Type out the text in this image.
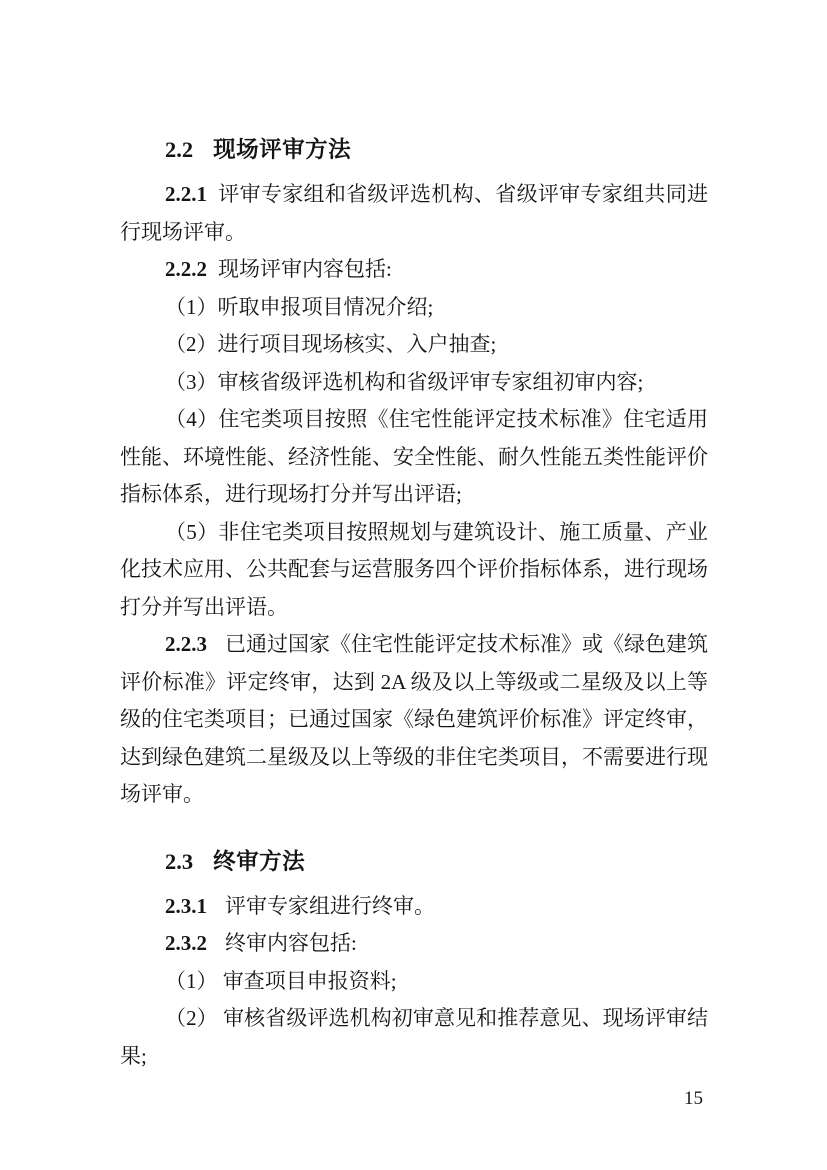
2.2 现场评审方法

2.2.1 评审专家组和省级评选机构、省级评审专家组共同进行现场评审。

2.2.2 现场评审内容包括:

（1）听取申报项目情况介绍;

（2）进行项目现场核实、入户抽查;

（3）审核省级评选机构和省级评审专家组初审内容;

（4）住宅类项目按照《住宅性能评定技术标准》住宅适用性能、环境性能、经济性能、安全性能、耐久性能五类性能评价指标体系，进行现场打分并写出评语;

（5）非住宅类项目按照规划与建筑设计、施工质量、产业化技术应用、公共配套与运营服务四个评价指标体系，进行现场打分并写出评语。

2.2.3 已通过国家《住宅性能评定技术标准》或《绿色建筑评价标准》评定终审，达到 2A 级及以上等级或二星级及以上等级的住宅类项目；已通过国家《绿色建筑评价标准》评定终审，达到绿色建筑二星级及以上等级的非住宅类项目，不需要进行现场评审。

2.3 终审方法

2.3.1 评审专家组进行终审。

2.3.2 终审内容包括:

（1） 审查项目申报资料;

（2） 审核省级评选机构初审意见和推荐意见、现场评审结果;

15
